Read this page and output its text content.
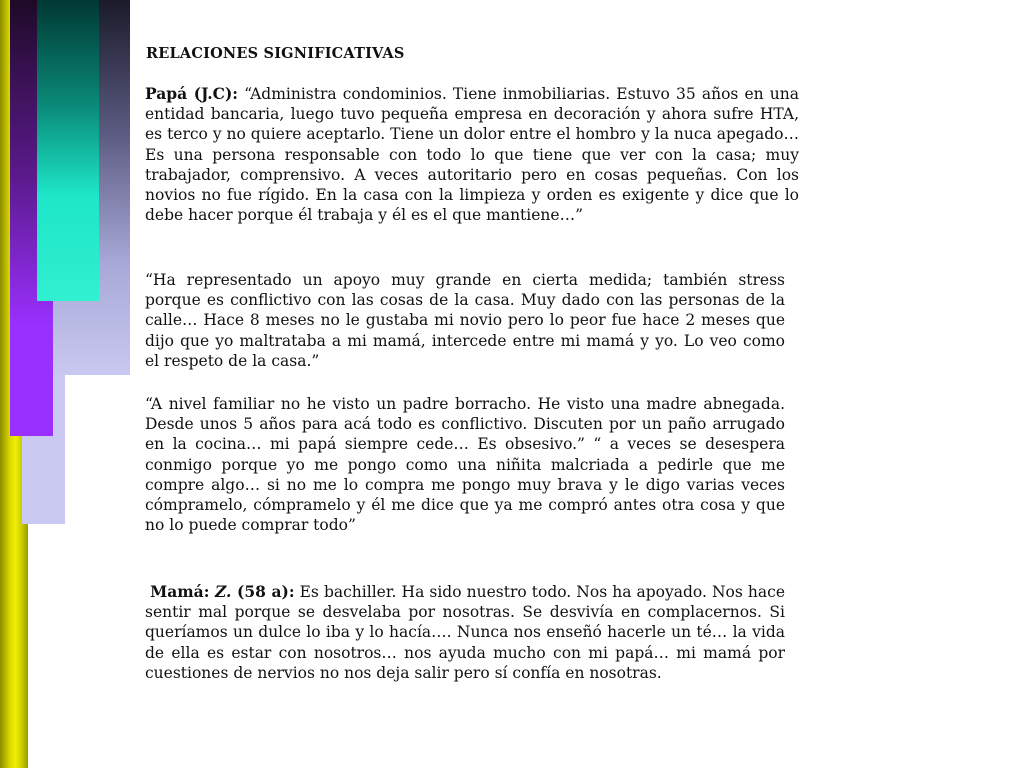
RELACIONES SIGNIFICATIVAS

Papá (J.C): “Administra condominios. Tiene inmobiliarias. Estuvo 35 años en una entidad bancaria, luego tuvo pequeña empresa en decoración y ahora sufre HTA, es terco y no quiere aceptarlo. Tiene un dolor entre el hombro y la nuca apegado… Es una persona responsable con todo lo que tiene que ver con la casa; muy trabajador, comprensivo. A veces autoritario pero en cosas pequeñas. Con los novios no fue rígido. En la casa con la limpieza y orden es exigente y dice que lo debe hacer porque él trabaja y él es el que mantiene…”

“Ha representado un apoyo muy grande en cierta medida; también stress porque es conflictivo con las cosas de la casa. Muy dado con las personas de la calle… Hace 8 meses no le gustaba mi novio pero lo peor fue hace 2 meses que dijo que yo maltrataba a mi mamá, intercede entre mi mamá y yo. Lo veo como el respeto de la casa.”

“A nivel familiar no he visto un padre borracho. He visto una madre abnegada. Desde unos 5 años para acá todo es conflictivo. Discuten por un paño arrugado en la cocina… mi papá siempre cede… Es obsesivo.” “ a veces se desespera conmigo porque yo me pongo como una niñita malcriada a pedirle que me compre algo… si no me lo compra me pongo muy brava y le digo varias veces cómpramelo, cómpramelo y él me dice que ya me compró antes otra cosa y que no lo puede comprar todo”

Mamá: Z. (58 a): Es bachiller. Ha sido nuestro todo. Nos ha apoyado. Nos hace sentir mal porque se desvelaba por nosotras. Se desvivía en complacernos. Si queríamos un dulce lo iba y lo hacía…. Nunca nos enseñó hacerle un té… la vida de ella es estar con nosotros… nos ayuda mucho con mi papá… mi mamá por cuestiones de nervios no nos deja salir pero sí confía en nosotras.
